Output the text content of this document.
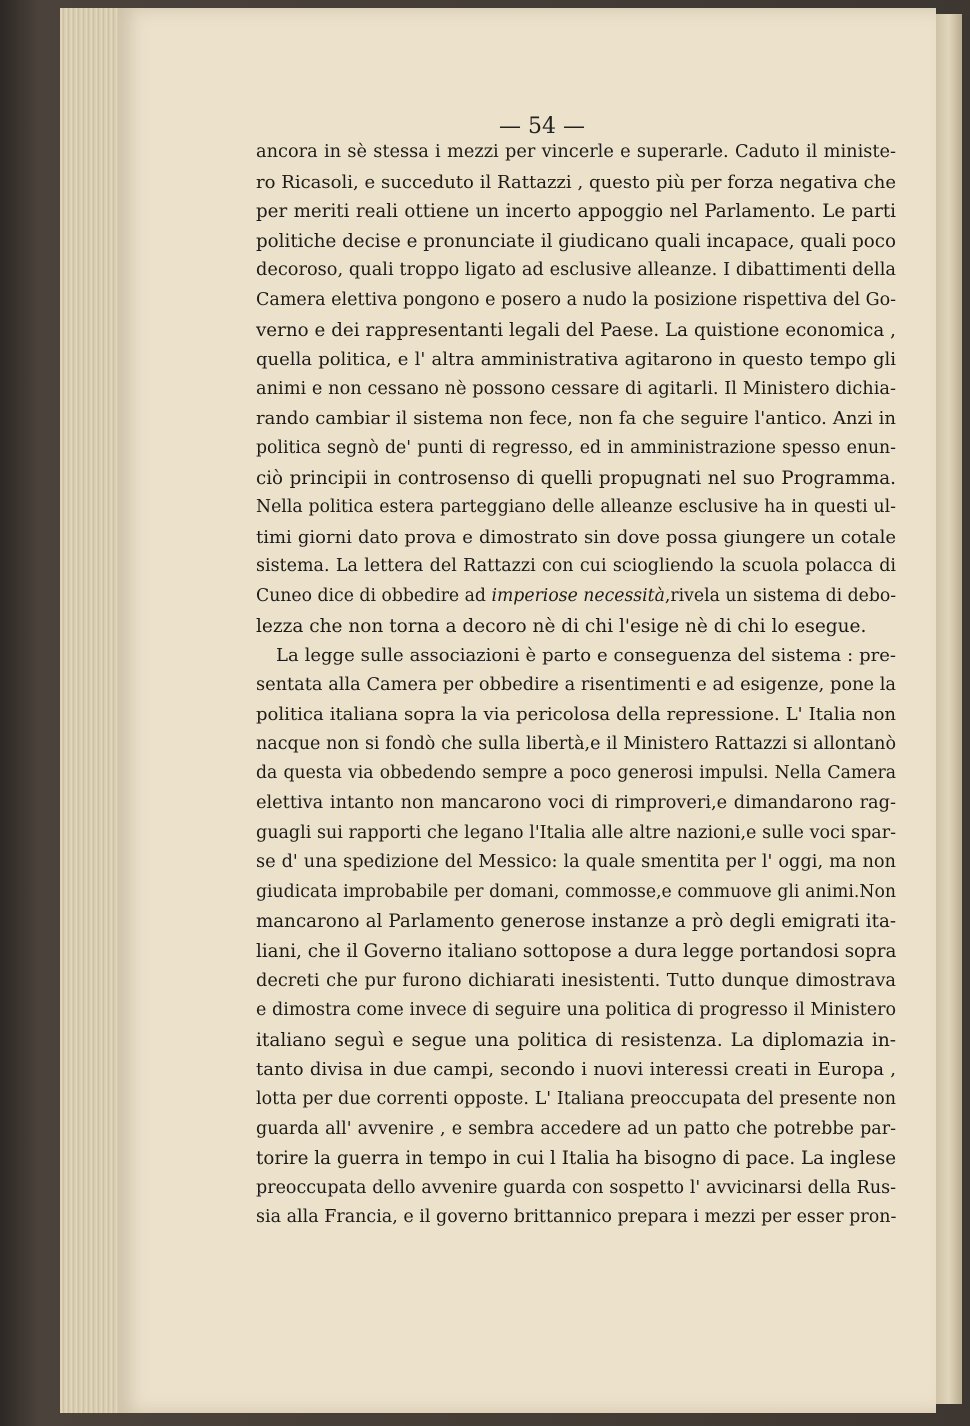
— 54 —
ancora in sè stessa i mezzi per vincerle e superarle. Caduto il ministe-
ro Ricasoli, e succeduto il Rattazzi , questo più per forza negativa che
per meriti reali ottiene un incerto appoggio nel Parlamento. Le parti
politiche decise e pronunciate il giudicano quali incapace, quali poco
decoroso, quali troppo ligato ad esclusive alleanze. I dibattimenti della
Camera elettiva pongono e posero a nudo la posizione rispettiva del Go-
verno e dei rappresentanti legali del Paese. La quistione economica ,
quella politica, e l' altra amministrativa agitarono in questo tempo gli
animi e non cessano nè possono cessare di agitarli. Il Ministero dichia-
rando cambiar il sistema non fece, non fa che seguire l'antico. Anzi in
politica segnò de' punti di regresso, ed in amministrazione spesso enun-
ciò principii in controsenso di quelli propugnati nel suo Programma.
Nella politica estera parteggiano delle alleanze esclusive ha in questi ul-
timi giorni dato prova e dimostrato sin dove possa giungere un cotale
sistema. La lettera del Rattazzi con cui sciogliendo la scuola polacca di
Cuneo dice di obbedire ad imperiose necessità,rivela un sistema di debo-
lezza che non torna a decoro nè di chi l'esige nè di chi lo esegue.
La legge sulle associazioni è parto e conseguenza del sistema : pre-
sentata alla Camera per obbedire a risentimenti e ad esigenze, pone la
politica italiana sopra la via pericolosa della repressione. L' Italia non
nacque non si fondò che sulla libertà,e il Ministero Rattazzi si allontanò
da questa via obbedendo sempre a poco generosi impulsi. Nella Camera
elettiva intanto non mancarono voci di rimproveri,e dimandarono rag-
guagli sui rapporti che legano l'Italia alle altre nazioni,e sulle voci spar-
se d' una spedizione del Messico: la quale smentita per l' oggi, ma non
giudicata improbabile per domani, commosse,e commuove gli animi.Non
mancarono al Parlamento generose instanze a prò degli emigrati ita-
liani, che il Governo italiano sottopose a dura legge portandosi sopra
decreti che pur furono dichiarati inesistenti. Tutto dunque dimostrava
e dimostra come invece di seguire una politica di progresso il Ministero
italiano seguì e segue una politica di resistenza. La diplomazia in-
tanto divisa in due campi, secondo i nuovi interessi creati in Europa ,
lotta per due correnti opposte. L' Italiana preoccupata del presente non
guarda all' avvenire , e sembra accedere ad un patto che potrebbe par-
torire la guerra in tempo in cui l Italia ha bisogno di pace. La inglese
preoccupata dello avvenire guarda con sospetto l' avvicinarsi della Rus-
sia alla Francia, e il governo brittannico prepara i mezzi per esser pron-
